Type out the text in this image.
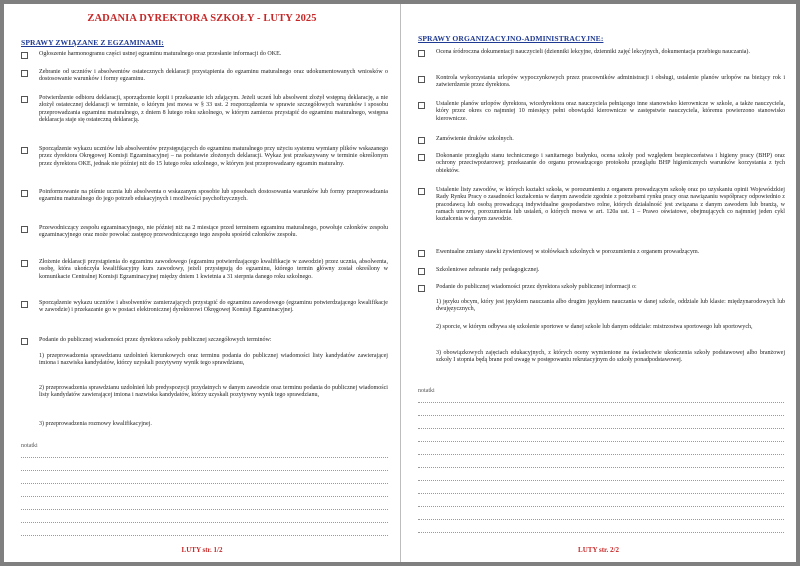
ZADANIA DYREKTORA SZKOŁY - LUTY 2025
SPRAWY ZWIĄZANE Z EGZAMINAMI:
Ogłoszenie harmonogramu części ustnej egzaminu maturalnego oraz przesłanie informacji do OKE.
Zebranie od uczniów i absolwentów ostatecznych deklaracji przystąpienia do egzaminu maturalnego oraz udokumentowanych wniosków o dostosowanie warunków i formy egzaminu.
Potwierdzenie odbioru deklaracji, sporządzenie kopii i przekazanie ich zdającym. Jeżeli uczeń lub absolwent złożył wstępną deklarację, a nie złożył ostatecznej deklaracji w terminie, o którym jest mowa w § 33 ust. 2 rozporządzenia w sprawie szczegółowych warunków i sposobu przeprowadzania egzaminu maturalnego, z dniem 8 lutego roku szkolnego, w którym zamierza przystąpić do egzaminu maturalnego, wstępna deklaracja staje się ostateczną deklaracją.
Sporządzenie wykazu uczniów lub absolwentów przystępujących do egzaminu maturalnego przy użyciu systemu wymiany plików wskazanego przez dyrektora Okręgowej Komisji Egzaminacyjnej – na podstawie złożonych deklaracji. Wykaz jest przekazywany w terminie określonym przez dyrektora OKE, jednak nie później niż do 15 lutego roku szkolnego, w którym jest przeprowadzany egzamin maturalny.
Poinformowanie na piśmie ucznia lub absolwenta o wskazanym sposobie lub sposobach dostosowania warunków lub formy przeprowadzania egzaminu maturalnego do jego potrzeb edukacyjnych i możliwości psychofizycznych.
Przewodniczący zespołu egzaminacyjnego, nie później niż na 2 miesiące przed terminem egzaminu maturalnego, powołuje członków zespołu egzaminacyjnego oraz może powołać zastępcę przewodniczącego tego zespołu spośród członków zespołu.
Złożenie deklaracji przystąpienia do egzaminu zawodowego (egzaminu potwierdzającego kwalifikacje w zawodzie) przez ucznia, absolwenta, osobę, która ukończyła kwalifikacyjny kurs zawodowy, jeżeli przystępują do egzaminu, którego termin główny został określony w komunikacie Centralnej Komisji Egzaminacyjnej między dniem 1 kwietnia a 31 sierpnia danego roku szkolnego.
Sporządzenie wykazu uczniów i absolwentów zamierzających przystąpić do egzaminu zawodowego (egzaminu potwierdzającego kwalifikacje w zawodzie) i przekazanie go w postaci elektronicznej dyrektorowi Okręgowej Komisji Egzaminacyjnej.
Podanie do publicznej wiadomości przez dyrektora szkoły publicznej szczegółowych terminów:
1) przeprowadzenia sprawdzianu uzdolnień kierunkowych oraz terminu podania do publicznej wiadomości listy kandydatów zawierającej imiona i nazwiska kandydatów, którzy uzyskali pozytywny wynik tego sprawdzianu,
2) przeprowadzenia sprawdzianu uzdolnień lub predyspozycji przydatnych w danym zawodzie oraz terminu podania do publicznej wiadomości listy kandydatów zawierającej imiona i nazwiska kandydatów, którzy uzyskali pozytywny wynik tego sprawdzianu,
3) przeprowadzenia rozmowy kwalifikacyjnej.
notatki
LUTY str. 1/2
SPRAWY ORGANIZACYJNO-ADMINISTRACYJNE:
Ocena śródroczna dokumentacji nauczycieli (dzienniki lekcyjne, dzienniki zajęć lekcyjnych, dokumentacja przebiegu nauczania).
Kontrola wykorzystania urlopów wypoczynkowych przez pracowników administracji i obsługi, ustalenie planów urlopów na bieżący rok i zatwierdzenie przez dyrektora.
Ustalenie planów urlopów dyrektora, wicedyrektora oraz nauczyciela pełniącego inne stanowisko kierownicze w szkole, a także nauczyciela, który przez okres co najmniej 10 miesięcy pełni obowiązki kierownicze w zastępstwie nauczyciela, któremu powierzono stanowisko kierownicze.
Zamówienie druków szkolnych.
Dokonanie przeglądu stanu technicznego i sanitarnego budynku, ocena szkoły pod względem bezpieczeństwa i higieny pracy (BHP) oraz ochrony przeciwpożarowej; przekazanie do organu prowadzącego protokołu przeglądu BHP higienicznych warunków korzystania z tych obiektów.
Ustalenie listy zawodów, w których kształci szkoła, w porozumieniu z organem prowadzącym szkołę oraz po uzyskaniu opinii Wojewódzkiej Rady Rynku Pracy o zasadności kształcenia w danym zawodzie zgodnie z potrzebami rynku pracy oraz nawiązaniu współpracy odpowiednio z pracodawcą lub osobą prowadzącą indywidualne gospodarstwo rolne, których działalność jest związana z danym zawodem lub branżą, w ramach umowy, porozumienia lub ustaleń, o których mowa w art. 120a ust. 1 – Prawo oświatowe, obejmujących co najmniej jeden cykl kształcenia w danym zawodzie.
Ewentualne zmiany stawki żywieniowej w stołówkach szkolnych w porozumieniu z organem prowadzącym.
Szkoleniowe zebranie rady pedagogicznej.
Podanie do publicznej wiadomości przez dyrektora szkoły publicznej informacji o:
1) języku obcym, który jest językiem nauczania albo drugim językiem nauczania w danej szkole, oddziale lub klasie: międzynarodowych lub dwujęzycznych,
2) sporcie, w którym odbywa się szkolenie sportowe w danej szkole lub danym oddziale: mistrzostwa sportowego lub sportowych,
3) obowiązkowych zajęciach edukacyjnych, z których oceny wymienione na świadectwie ukończenia szkoły podstawowej albo branżowej szkoły I stopnia będą brane pod uwagę w postępowaniu rekrutacyjnym do szkoły ponadpodstawowej.
notatki
LUTY str. 2/2
